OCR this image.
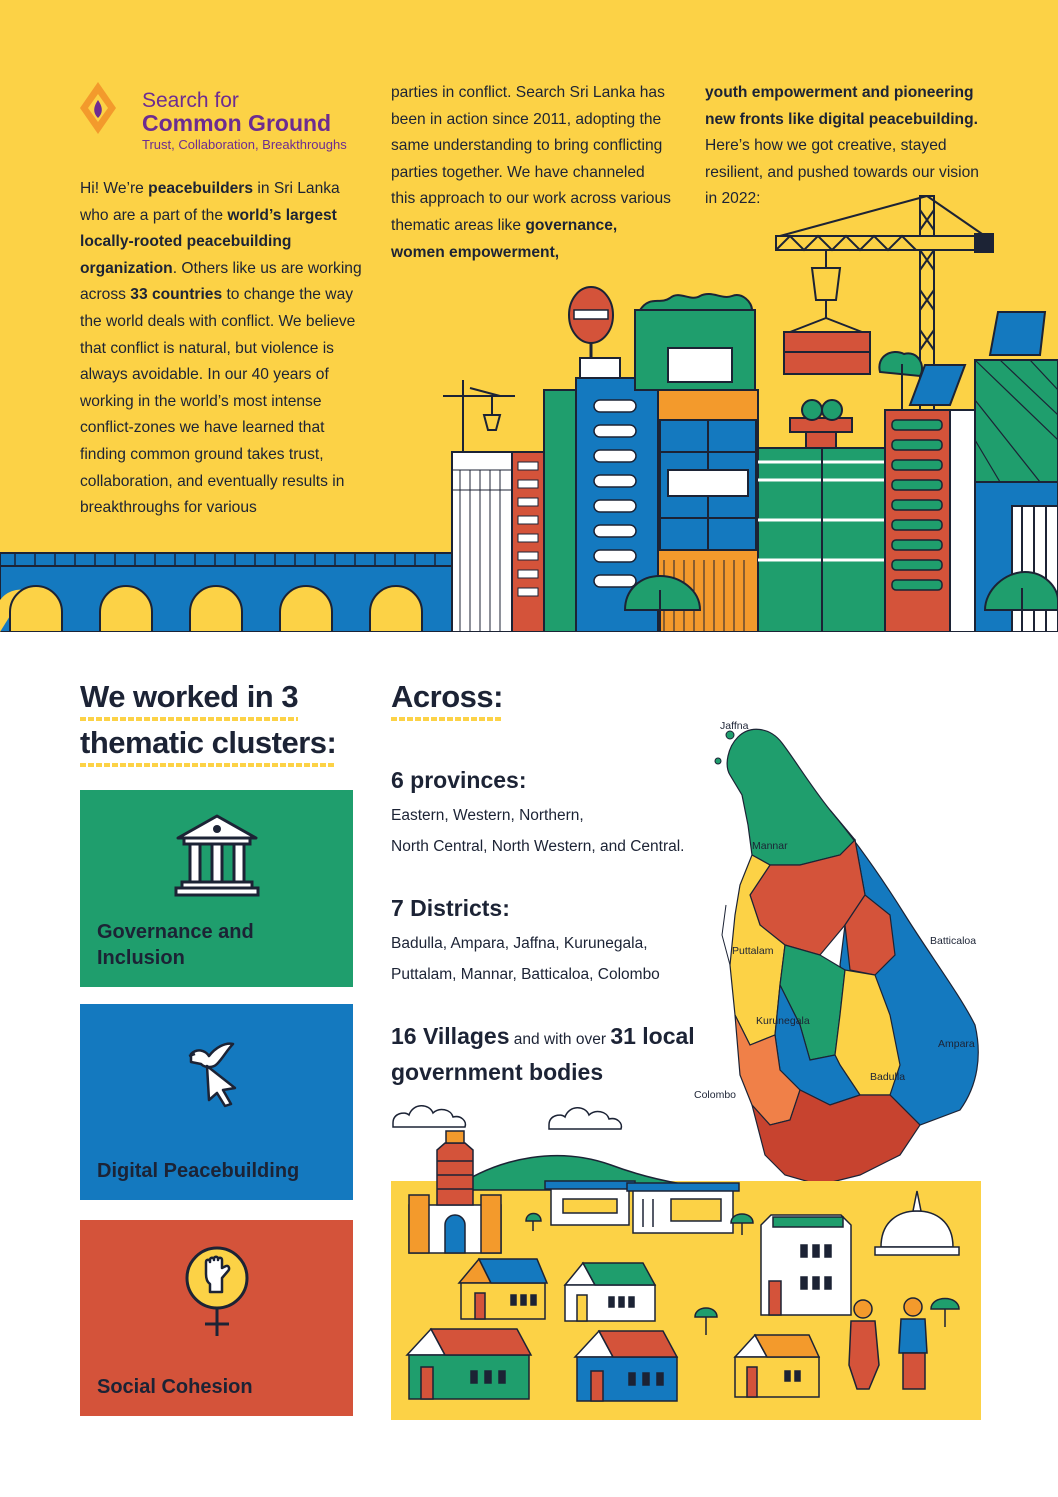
Search for
Common Ground
Trust, Collaboration, Breakthroughs
Hi! We’re peacebuilders in Sri Lanka who are a part of the world’s largest locally-rooted peacebuilding organization. Others like us are working across 33 countries to change the way the world deals with conflict. We believe that conflict is natural, but violence is always avoidable. In our 40 years of working in the world’s most intense conflict-zones we have learned that finding common ground takes trust, collaboration, and eventually results in breakthroughs for various
parties in conflict. Search Sri Lanka has been in action since 2011, adopting the same understanding to bring conflicting parties together. We have channeled this approach to our work across various thematic areas like governance, women empowerment,
youth empowerment and pioneering new fronts like digital peacebuilding. Here’s how we got creative, stayed resilient, and pushed towards our vision in 2022:
We worked in 3
thematic clusters:
Governance and Inclusion
Digital Peacebuilding
Social Cohesion
Across:
6 provinces:
Eastern, Western, Northern,
North Central, North Western, and Central.
7 Districts:
Badulla, Ampara, Jaffna, Kurunegala,
Puttalam, Mannar, Batticaloa, Colombo
16 Villages and with over 31 local
government bodies
Jaffna
Mannar
Batticaloa
Puttalam
Kurunegala
Ampara
Badulla
Colombo
